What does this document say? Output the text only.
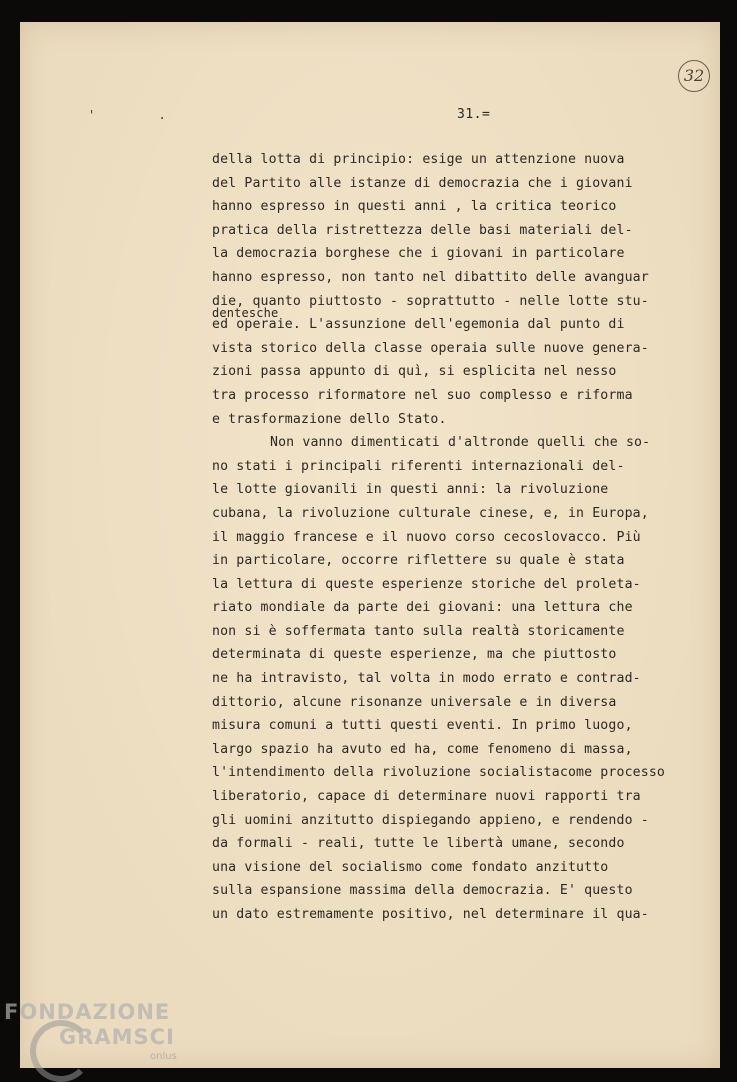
32
' .	31.=
della lotta di principio: esige un attenzione nuova
del Partito alle istanze di democrazia che i giovani
hanno espresso in questi anni , la critica teorico
pratica della ristrettezza delle basi materiali del-
la democrazia borghese che i giovani in particolare
hanno espresso, non tanto nel dibattito delle avanguar
die, quanto piuttosto - soprattutto - nelle lotte stu-
dentesche
ed operaie. L'assunzione dell'egemonia dal punto di
vista storico della classe operaia sulle nuove genera-
zioni passa appunto di quì, si esplicita nel nesso
tra processo riformatore nel suo complesso e riforma
e trasformazione dello Stato.
Non vanno dimenticati d'altronde quelli che so-
no stati i principali riferenti internazionali del-
le lotte giovanili in questi anni: la rivoluzione
cubana, la rivoluzione culturale cinese, e, in Europa,
il maggio francese e il nuovo corso cecoslovacco. Più
in particolare, occorre riflettere su quale è stata
la lettura di queste esperienze storiche del proleta-
riato mondiale da parte dei giovani: una lettura che
non si è soffermata tanto sulla realtà storicamente
determinata di queste esperienze, ma che piuttosto
ne ha intravisto, tal volta in modo errato e contrad-
dittorio, alcune risonanze universale e in diversa
misura comuni a tutti questi eventi. In primo luogo,
largo spazio ha avuto ed ha, come fenomeno di massa,
l'intendimento della rivoluzione socialistacome processo
liberatorio, capace di determinare nuovi rapporti tra
gli uomini anzitutto dispiegando appieno, e rendendo -
da formali - reali, tutte le libertà umane, secondo
una visione del socialismo come fondato anzitutto
sulla espansione massima della democrazia. E' questo
un dato estremamente positivo, nel determinare il qua-
FONDAZIONE
GRAMSCI
onlus
